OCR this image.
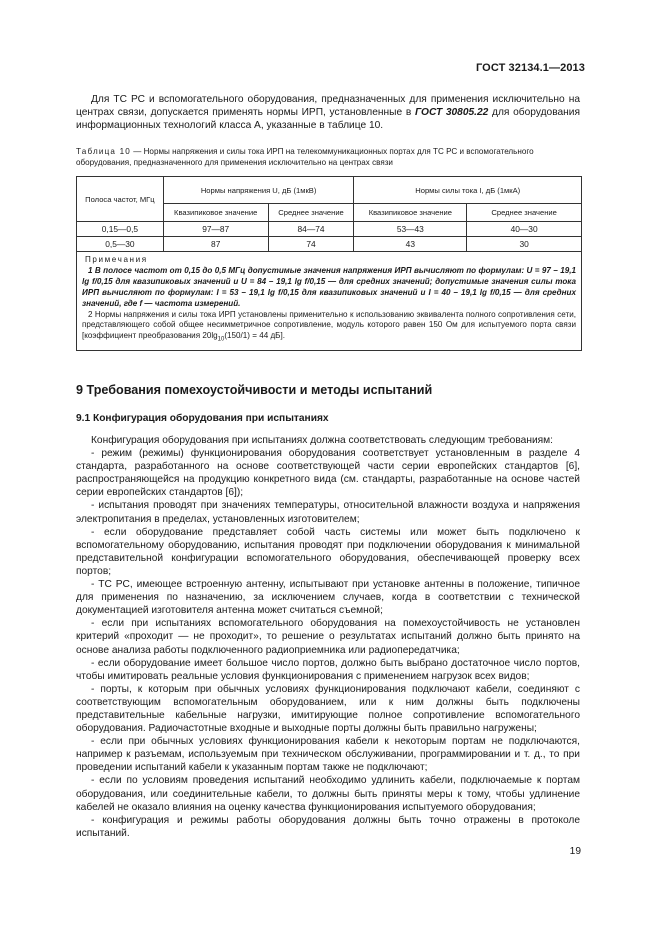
ГОСТ 32134.1—2013

Для ТС РС и вспомогательного оборудования, предназначенных для применения исключительно на центрах связи, допускается применять нормы ИРП, установленные в ГОСТ 30805.22 для оборудования информационных технологий класса А, указанные в таблице 10.

Таблица 10 — Нормы напряжения и силы тока ИРП на телекоммуникационных портах для ТС РС и вспомогательного оборудования, предназначенного для применения исключительно на центрах связи
Полоса частот, МГц	Нормы напряжения U, дБ (1мкВ)		Нормы силы тока I, дБ (1мкА)	
	Квазипиковое значение	Среднее значение	Квазипиковое значение	Среднее значение
0,15—0,5	97—87	84—74	53—43	40—30
0,5—30	87	74	43	30

Примечания

1 В полосе частот от 0,15 до 0,5 МГц допустимые значения напряжения ИРП вычисляют по формулам: U = 97 – 19,1 lg f/0,15 для квазипиковых значений и U = 84 – 19,1 lg f/0,15 — для средних значений; допустимые значения силы тока ИРП вычисляют по формулам: I = 53 – 19,1 lg f/0,15 для квазипиковых значений и I = 40 – 19,1 lg f/0,15 — для средних значений, где f — частота измерений.

2 Нормы напряжения и силы тока ИРП установлены применительно к использованию эквивалента полного сопротивления сети, представляющего собой общее несимметричное сопротивление, модуль которого равен 150 Ом для испытуемого порта связи [коэффициент преобразования $20\lg_{10}(150/1) = 44$ дБ].				

9 Требования помехоустойчивости и методы испытаний
9.1 Конфигурация оборудования при испытаниях

Конфигурация оборудования при испытаниях должна соответствовать следующим требованиям:

- режим (режимы) функционирования оборудования соответствует установленным в разделе 4 стандарта, разработанного на основе соответствующей части серии европейских стандартов [6], распространяющейся на продукцию конкретного вида (см. стандарты, разработанные на основе частей серии европейских стандартов [6]);

- испытания проводят при значениях температуры, относительной влажности воздуха и напряжения электропитания в пределах, установленных изготовителем;

- если оборудование представляет собой часть системы или может быть подключено к вспомогательному оборудованию, испытания проводят при подключении оборудования к минимальной представительной конфигурации вспомогательного оборудования, обеспечивающей проверку всех портов;

- ТС РС, имеющее встроенную антенну, испытывают при установке антенны в положение, типичное для применения по назначению, за исключением случаев, когда в соответствии с технической документацией изготовителя антенна может считаться съемной;

- если при испытаниях вспомогательного оборудования на помехоустойчивость не установлен критерий «проходит — не проходит», то решение о результатах испытаний должно быть принято на основе анализа работы подключенного радиоприемника или радиопередатчика;

- если оборудование имеет большое число портов, должно быть выбрано достаточное число портов, чтобы имитировать реальные условия функционирования с применением нагрузок всех видов;

- порты, к которым при обычных условиях функционирования подключают кабели, соединяют с соответствующим вспомогательным оборудованием, или к ним должны быть подключены представительные кабельные нагрузки, имитирующие полное сопротивление вспомогательного оборудования. Радиочастотные входные и выходные порты должны быть правильно нагружены;

- если при обычных условиях функционирования кабели к некоторым портам не подключаются, например к разъемам, используемым при техническом обслуживании, программировании и т. д., то при проведении испытаний кабели к указанным портам также не подключают;

- если по условиям проведения испытаний необходимо удлинить кабели, подключаемые к портам оборудования, или соединительные кабели, то должны быть приняты меры к тому, чтобы удлинение кабелей не оказало влияния на оценку качества функционирования испытуемого оборудования;

- конфигурация и режимы работы оборудования должны быть точно отражены в протоколе испытаний.

19
